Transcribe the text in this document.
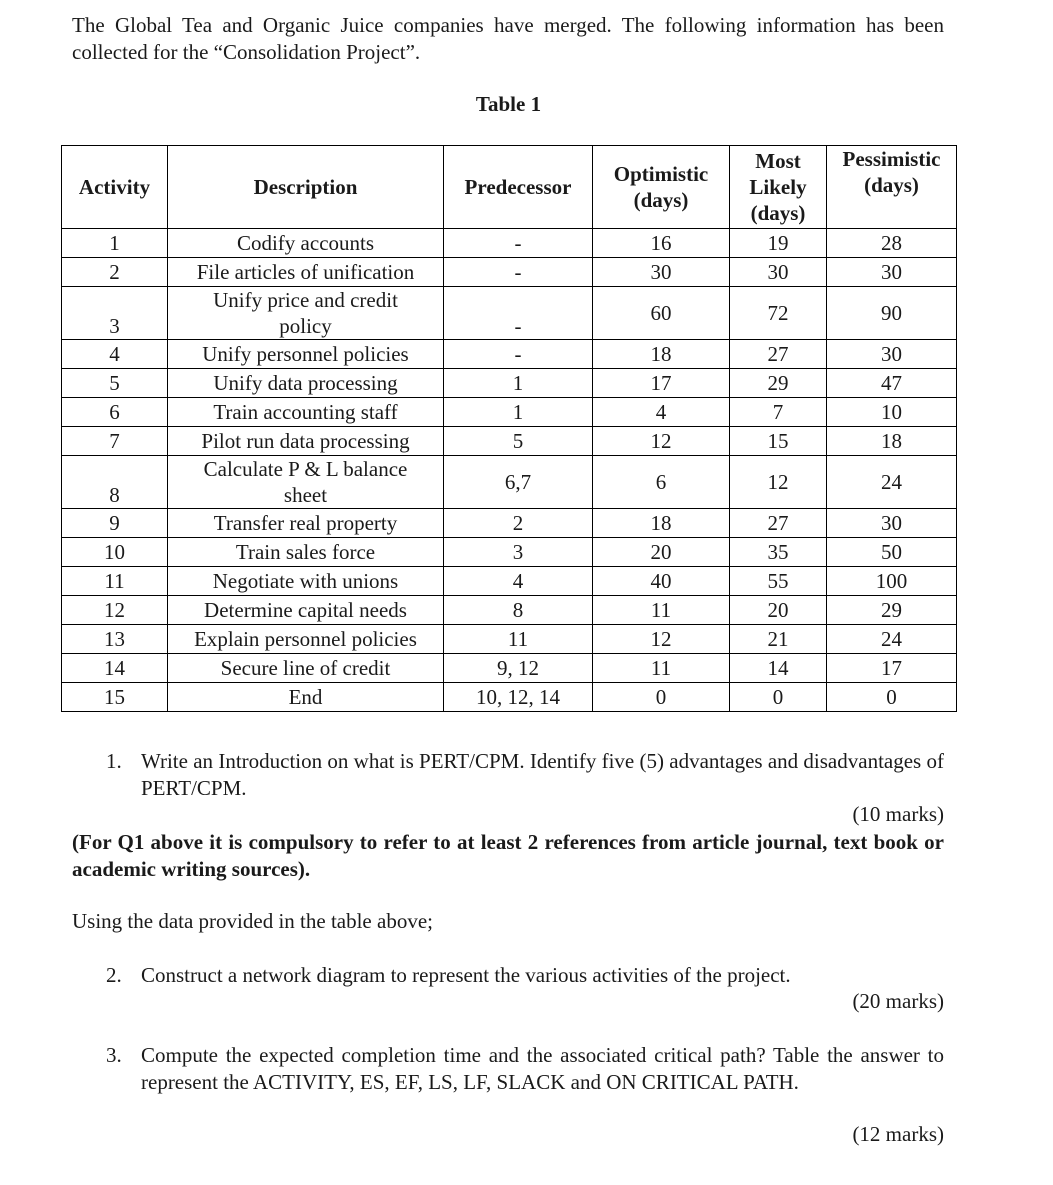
The Global Tea and Organic Juice companies have merged. The following information has been collected for the “Consolidation Project”.

Table 1

Activity	Description	Predecessor	Optimistic (days)	Most Likely (days)	Pessimistic (days)
1	Codify accounts	-	16	19	28
2	File articles of unification	-	30	30	30
3	Unify price and credit policy	-	60	72	90
4	Unify personnel policies	-	18	27	30
5	Unify data processing	1	17	29	47
6	Train accounting staff	1	4	7	10
7	Pilot run data processing	5	12	15	18
8	Calculate P & L balance sheet	6,7	6	12	24
9	Transfer real property	2	18	27	30
10	Train sales force	3	20	35	50
11	Negotiate with unions	4	40	55	100
12	Determine capital needs	8	11	20	29
13	Explain personnel policies	11	12	21	24
14	Secure line of credit	9, 12	11	14	17
15	End	10, 12, 14	0	0	0
1. Write an Introduction on what is PERT/CPM. Identify five (5) advantages and disadvantages of PERT/CPM.

(10 marks)

(For Q1 above it is compulsory to refer to at least 2 references from article journal, text book or academic writing sources).

Using the data provided in the table above;

2. Construct a network diagram to represent the various activities of the project.

(20 marks)

3. Compute the expected completion time and the associated critical path? Table the answer to represent the ACTIVITY, ES, EF, LS, LF, SLACK and ON CRITICAL PATH.

(12 marks)
